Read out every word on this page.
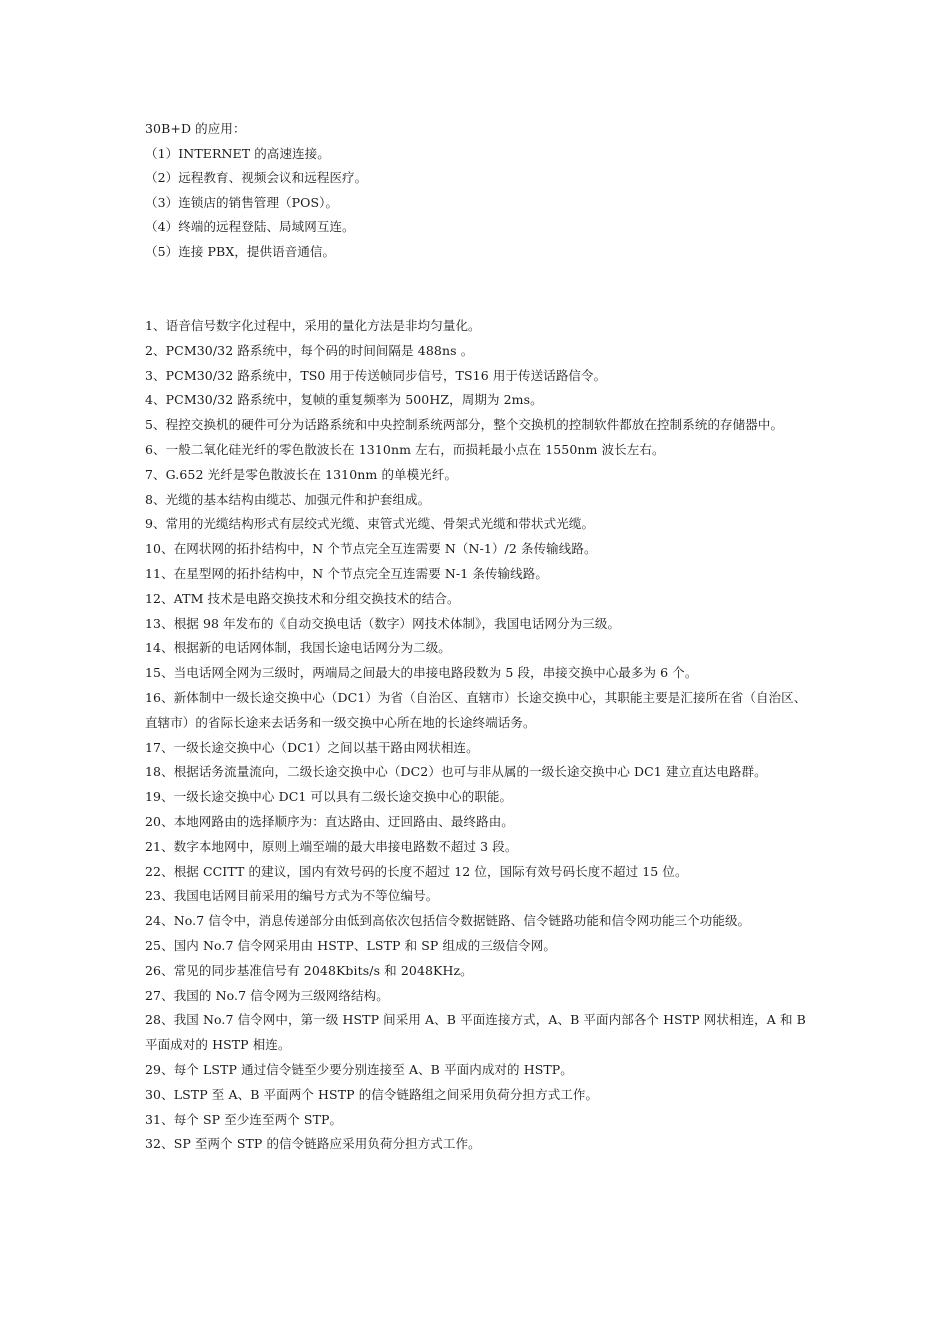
30B+D 的应用：
（1）INTERNET 的高速连接。
（2）远程教育、视频会议和远程医疗。
（3）连锁店的销售管理（POS）。
（4）终端的远程登陆、局域网互连。
（5）连接 PBX，提供语音通信。
1、语音信号数字化过程中，采用的量化方法是非均匀量化。
2、PCM30/32 路系统中，每个码的时间间隔是 488ns 。
3、PCM30/32 路系统中，TS0 用于传送帧同步信号，TS16 用于传送话路信令。
4、PCM30/32 路系统中，复帧的重复频率为 500HZ，周期为 2ms。
5、程控交换机的硬件可分为话路系统和中央控制系统两部分，整个交换机的控制软件都放在控制系统的存储器中。
6、一般二氧化硅光纤的零色散波长在 1310nm 左右，而损耗最小点在 1550nm 波长左右。
7、G.652 光纤是零色散波长在 1310nm 的单模光纤。
8、光缆的基本结构由缆芯、加强元件和护套组成。
9、常用的光缆结构形式有层绞式光缆、束管式光缆、骨架式光缆和带状式光缆。
10、在网状网的拓扑结构中，N 个节点完全互连需要 N（N-1）/2 条传输线路。
11、在星型网的拓扑结构中，N 个节点完全互连需要 N-1 条传输线路。
12、ATM 技术是电路交换技术和分组交换技术的结合。
13、根据 98 年发布的《自动交换电话（数字）网技术体制》，我国电话网分为三级。
14、根据新的电话网体制，我国长途电话网分为二级。
15、当电话网全网为三级时，两端局之间最大的串接电路段数为 5 段，串接交换中心最多为 6 个。
16、新体制中一级长途交换中心（DC1）为省（自治区、直辖市）长途交换中心，其职能主要是汇接所在省（自治区、直辖市）的省际长途来去话务和一级交换中心所在地的长途终端话务。
17、一级长途交换中心（DC1）之间以基干路由网状相连。
18、根据话务流量流向，二级长途交换中心（DC2）也可与非从属的一级长途交换中心 DC1 建立直达电路群。
19、一级长途交换中心 DC1 可以具有二级长途交换中心的职能。
20、本地网路由的选择顺序为：直达路由、迂回路由、最终路由。
21、数字本地网中，原则上端至端的最大串接电路数不超过 3 段。
22、根据 CCITT 的建议，国内有效号码的长度不超过 12 位，国际有效号码长度不超过 15 位。
23、我国电话网目前采用的编号方式为不等位编号。
24、No.7 信令中，消息传递部分由低到高依次包括信令数据链路、信令链路功能和信令网功能三个功能级。
25、国内 No.7 信令网采用由 HSTP、LSTP 和 SP 组成的三级信令网。
26、常见的同步基准信号有 2048Kbits/s 和 2048KHz。
27、我国的 No.7 信令网为三级网络结构。
28、我国 No.7 信令网中，第一级 HSTP 间采用 A、B 平面连接方式，A、B 平面内部各个 HSTP 网状相连，A 和 B 平面成对的 HSTP 相连。
29、每个 LSTP 通过信令链至少要分别连接至 A、B 平面内成对的 HSTP。
30、LSTP 至 A、B 平面两个 HSTP 的信令链路组之间采用负荷分担方式工作。
31、每个 SP 至少连至两个 STP。
32、SP 至两个 STP 的信令链路应采用负荷分担方式工作。
